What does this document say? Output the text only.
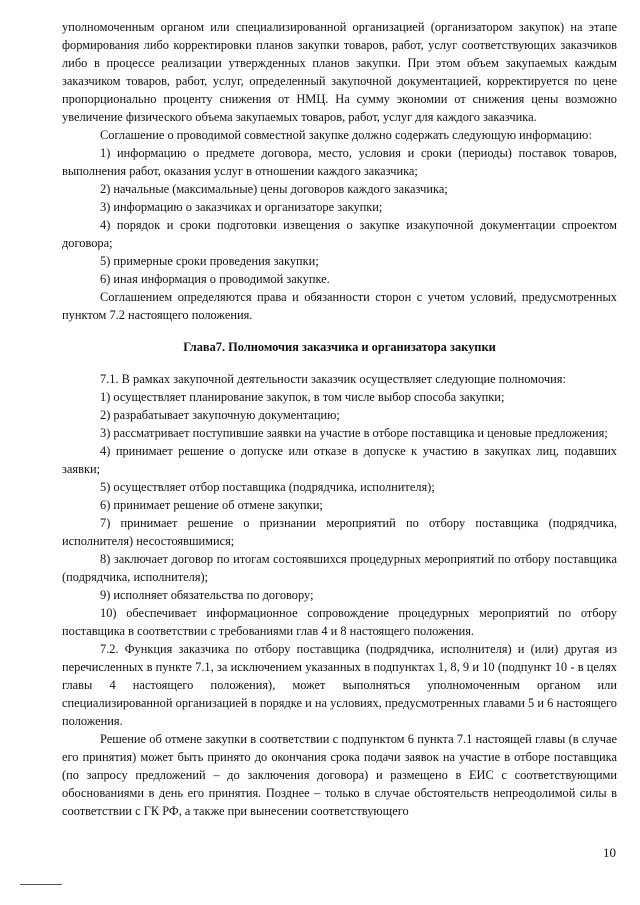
уполномоченным органом или специализированной организацией (организатором закупок) на этапе формирования либо корректировки планов закупки товаров, работ, услуг соответствующих заказчиков либо в процессе реализации утвержденных планов закупки. При этом объем закупаемых каждым заказчиком товаров, работ, услуг, определенный закупочной документацией, корректируется по цене пропорционально проценту снижения от НМЦ. На сумму экономии от снижения цены возможно увеличение физического объема закупаемых товаров, работ, услуг для каждого заказчика.

Соглашение о проводимой совместной закупке должно содержать следующую информацию:

1) информацию о предмете договора, место, условия и сроки (периоды) поставок товаров, выполнения работ, оказания услуг в отношении каждого заказчика;

2) начальные (максимальные) цены договоров каждого заказчика;

3) информацию о заказчиках и организаторе закупки;

4) порядок и сроки подготовки извещения о закупке изакупочной документации спроектом договора;

5) примерные сроки проведения закупки;

6) иная информация о проводимой закупке.

Соглашением определяются права и обязанности сторон с учетом условий, предусмотренных пунктом 7.2 настоящего положения.

Глава7. Полномочия заказчика и организатора закупки

7.1. В рамках закупочной деятельности заказчик осуществляет следующие полномочия:

1) осуществляет планирование закупок, в том числе выбор способа закупки;

2) разрабатывает закупочную документацию;

3) рассматривает поступившие заявки на участие в отборе поставщика и ценовые предложения;

4) принимает решение о допуске или отказе в допуске к участию в закупках лиц, подавших заявки;

5) осуществляет отбор поставщика (подрядчика, исполнителя);

6) принимает решение об отмене закупки;

7) принимает решение о признании мероприятий по отбору поставщика (подрядчика, исполнителя) несостоявшимися;

8) заключает договор по итогам состоявшихся процедурных мероприятий по отбору поставщика (подрядчика, исполнителя);

9) исполняет обязательства по договору;

10) обеспечивает информационное сопровождение процедурных мероприятий по отбору поставщика в соответствии с требованиями глав 4 и 8 настоящего положения.

7.2. Функция заказчика по отбору поставщика (подрядчика, исполнителя) и (или) другая из перечисленных в пункте 7.1, за исключением указанных в подпунктах 1, 8, 9 и 10 (подпункт 10 - в целях главы 4 настоящего положения), может выполняться уполномоченным органом или специализированной организацией в порядке и на условиях, предусмотренных главами 5 и 6 настоящего положения.

Решение об отмене закупки в соответствии с подпунктом 6 пункта 7.1 настоящей главы (в случае его принятия) может быть принято до окончания срока подачи заявок на участие в отборе поставщика (по запросу предложений – до заключения договора) и размещено в ЕИС с соответствующими обоснованиями в день его принятия. Позднее – только в случае обстоятельств непреодолимой силы в соответствии с ГК РФ, а также при вынесении соответствующего

10
